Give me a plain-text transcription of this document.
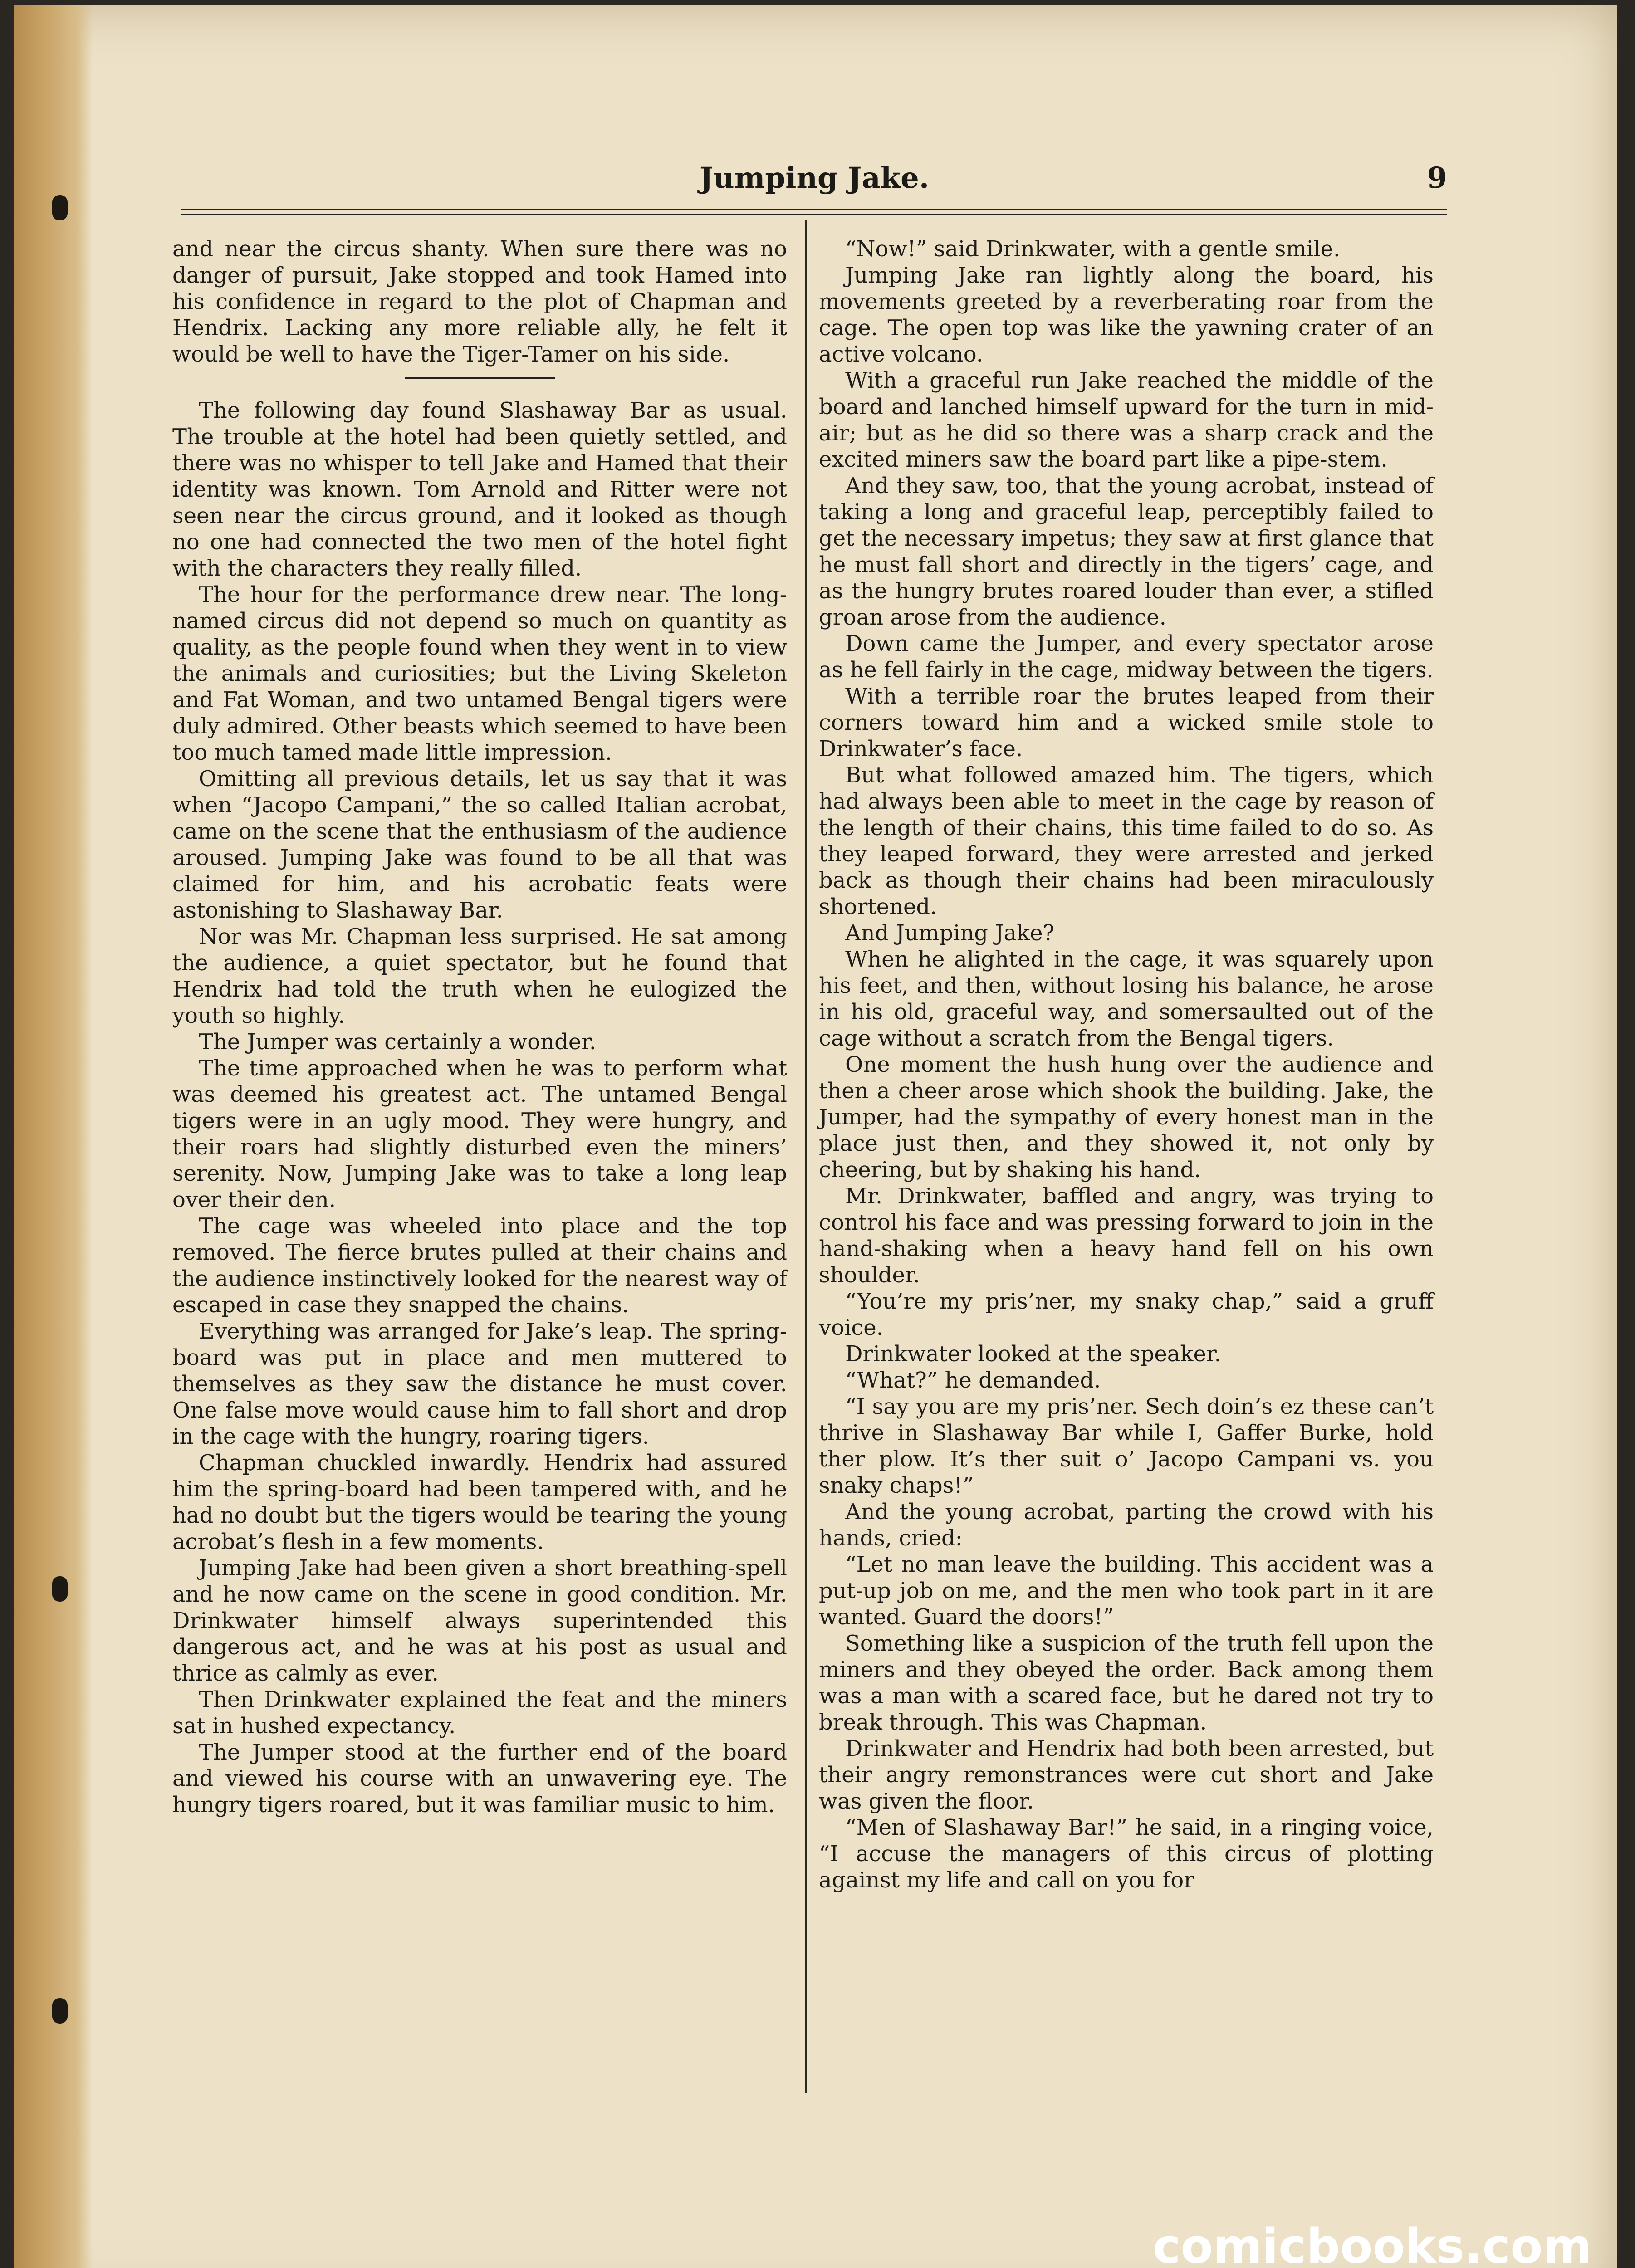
Jumping Jake.	9

and near the circus shanty. When sure there was no danger of pursuit, Jake stopped and took Hamed into his confidence in regard to the plot of Chapman and Hendrix. Lacking any more reliable ally, he felt it would be well to have the Tiger-Tamer on his side.

The following day found Slashaway Bar as usual. The trouble at the hotel had been quietly settled, and there was no whisper to tell Jake and Hamed that their identity was known. Tom Arnold and Ritter were not seen near the circus ground, and it looked as though no one had connected the two men of the hotel fight with the characters they really filled.

The hour for the performance drew near. The long-named circus did not depend so much on quantity as quality, as the people found when they went in to view the animals and curiosities; but the Living Skeleton and Fat Woman, and two untamed Bengal tigers were duly admired. Other beasts which seemed to have been too much tamed made little impression.

Omitting all previous details, let us say that it was when “Jacopo Campani,” the so called Italian acrobat, came on the scene that the enthusiasm of the audience aroused. Jumping Jake was found to be all that was claimed for him, and his acrobatic feats were astonishing to Slashaway Bar.

Nor was Mr. Chapman less surprised. He sat among the audience, a quiet spectator, but he found that Hendrix had told the truth when he eulogized the youth so highly.

The Jumper was certainly a wonder.

The time approached when he was to perform what was deemed his greatest act. The untamed Bengal tigers were in an ugly mood. They were hungry, and their roars had slightly disturbed even the miners’ serenity. Now, Jumping Jake was to take a long leap over their den.

The cage was wheeled into place and the top removed. The fierce brutes pulled at their chains and the audience instinctively looked for the nearest way of escaped in case they snapped the chains.

Everything was arranged for Jake’s leap. The spring-board was put in place and men muttered to themselves as they saw the distance he must cover. One false move would cause him to fall short and drop in the cage with the hungry, roaring tigers.

Chapman chuckled inwardly. Hendrix had assured him the spring-board had been tampered with, and he had no doubt but the tigers would be tearing the young acrobat’s flesh in a few moments.

Jumping Jake had been given a short breathing-spell and he now came on the scene in good condition. Mr. Drinkwater himself always superintended this dangerous act, and he was at his post as usual and thrice as calmly as ever.

Then Drinkwater explained the feat and the miners sat in hushed expectancy.

The Jumper stood at the further end of the board and viewed his course with an unwavering eye. The hungry tigers roared, but it was familiar music to him.

“Now!” said Drinkwater, with a gentle smile.

Jumping Jake ran lightly along the board, his movements greeted by a reverberating roar from the cage. The open top was like the yawning crater of an active volcano.

With a graceful run Jake reached the middle of the board and lanched himself upward for the turn in mid-air; but as he did so there was a sharp crack and the excited miners saw the board part like a pipe-stem.

And they saw, too, that the young acrobat, instead of taking a long and graceful leap, perceptibly failed to get the necessary impetus; they saw at first glance that he must fall short and directly in the tigers’ cage, and as the hungry brutes roared louder than ever, a stifled groan arose from the audience.

Down came the Jumper, and every spectator arose as he fell fairly in the cage, midway between the tigers.

With a terrible roar the brutes leaped from their corners toward him and a wicked smile stole to Drinkwater’s face.

But what followed amazed him. The tigers, which had always been able to meet in the cage by reason of the length of their chains, this time failed to do so. As they leaped forward, they were arrested and jerked back as though their chains had been miraculously shortened.

And Jumping Jake?

When he alighted in the cage, it was squarely upon his feet, and then, without losing his balance, he arose in his old, graceful way, and somersaulted out of the cage without a scratch from the Bengal tigers.

One moment the hush hung over the audience and then a cheer arose which shook the building. Jake, the Jumper, had the sympathy of every honest man in the place just then, and they showed it, not only by cheering, but by shaking his hand.

Mr. Drinkwater, baffled and angry, was trying to control his face and was pressing forward to join in the hand-shaking when a heavy hand fell on his own shoulder.

“You’re my pris’ner, my snaky chap,” said a gruff voice.

Drinkwater looked at the speaker.

“What?” he demanded.

“I say you are my pris’ner. Sech doin’s ez these can’t thrive in Slashaway Bar while I, Gaffer Burke, hold ther plow. It’s ther suit o’ Jacopo Campani vs. you snaky chaps!”

And the young acrobat, parting the crowd with his hands, cried:

“Let no man leave the building. This accident was a put-up job on me, and the men who took part in it are wanted. Guard the doors!”

Something like a suspicion of the truth fell upon the miners and they obeyed the order. Back among them was a man with a scared face, but he dared not try to break through. This was Chapman.

Drinkwater and Hendrix had both been arrested, but their angry remonstrances were cut short and Jake was given the floor.

“Men of Slashaway Bar!” he said, in a ringing voice, “I accuse the managers of this circus of plotting against my life and call on you for

comicbooks.com
